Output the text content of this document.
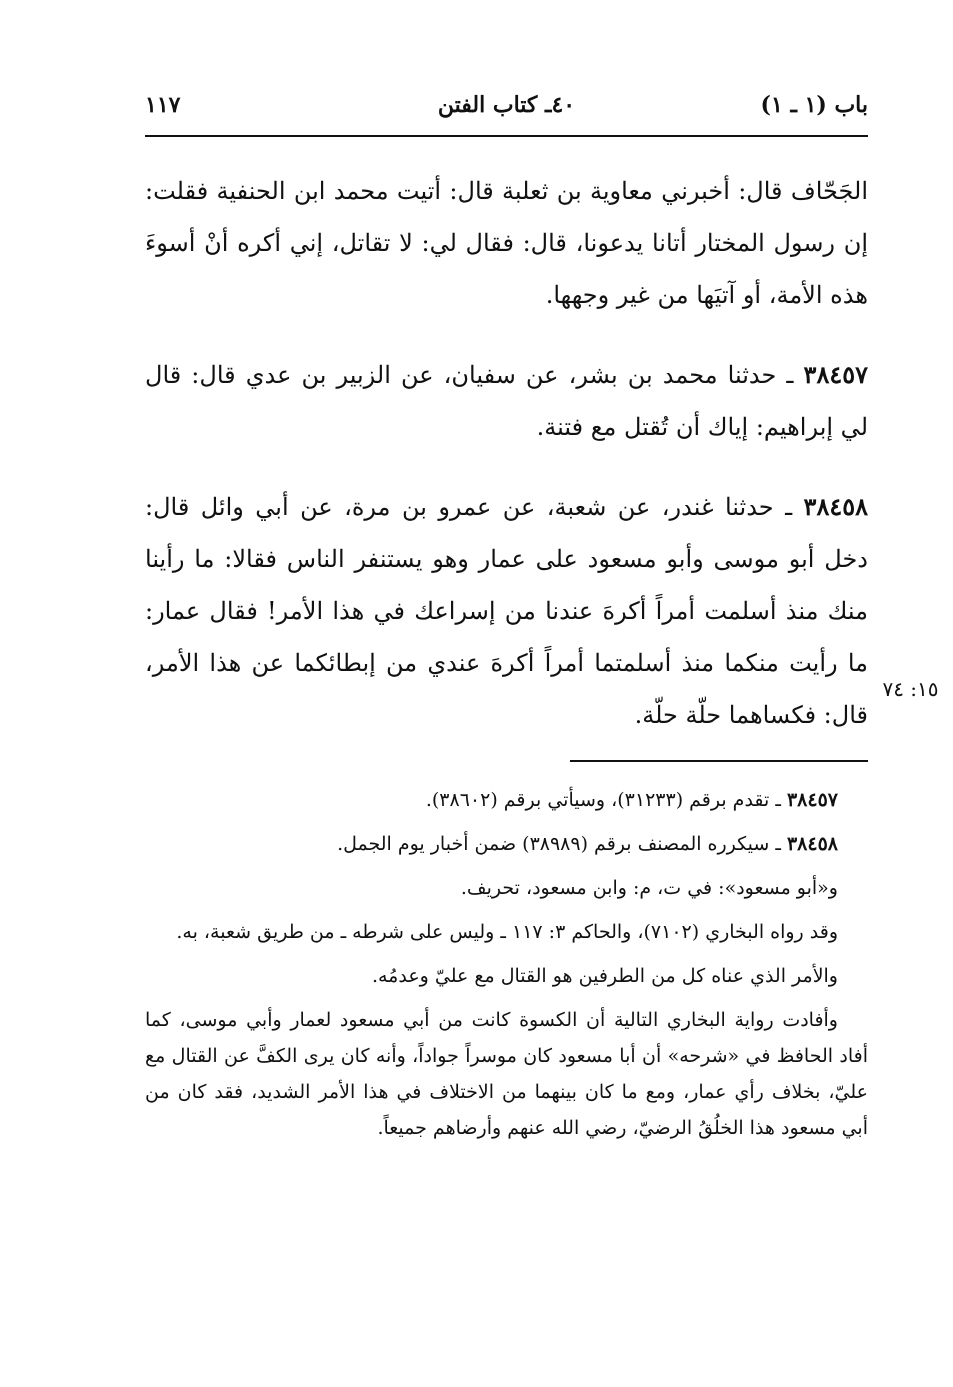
باب (١ ـ ١)
٤٠ـ كتاب الفتن
١١٧

الجَحّاف قال: أخبرني معاوية بن ثعلبة قال: أتيت محمد ابن الحنفية فقلت: إن رسول المختار أتانا يدعونا، قال: فقال لي: لا تقاتل، إني أكره أنْ أسوءَ هذه الأمة، أو آتيَها من غير وجهها.

٣٨٤٥٧ ـ حدثنا محمد بن بشر، عن سفيان، عن الزبير بن عدي قال: قال لي إبراهيم: إياك أن تُقتل مع فتنة.

٣٨٤٥٨ ـ حدثنا غندر، عن شعبة، عن عمرو بن مرة، عن أبي وائل قال: دخل أبو موسى وأبو مسعود على عمار وهو يستنفر الناس فقالا: ما رأينا منك منذ أسلمت أمراً أكرهَ عندنا من إسراعك في هذا الأمر! فقال عمار: ما رأيت منكما منذ أسلمتما أمراً أكرهَ عندي من إبطائكما عن هذا الأمر، قال: فكساهما حلّة حلّة.

١٥: ٧٤

٣٨٤٥٧ ـ تقدم برقم (٣١٢٣٣)، وسيأتي برقم (٣٨٦٠٢).

٣٨٤٥٨ ـ سيكرره المصنف برقم (٣٨٩٨٩) ضمن أخبار يوم الجمل.

و«أبو مسعود»: في ت، م: وابن مسعود، تحريف.

وقد رواه البخاري (٧١٠٢)، والحاكم ٣: ١١٧ ـ وليس على شرطه ـ من طريق شعبة، به.

والأمر الذي عناه كل من الطرفين هو القتال مع عليّ وعدمُه.

وأفادت رواية البخاري التالية أن الكسوة كانت من أبي مسعود لعمار وأبي موسى، كما أفاد الحافظ في «شرحه» أن أبا مسعود كان موسراً جواداً، وأنه كان يرى الكفَّ عن القتال مع عليّ، بخلاف رأي عمار، ومع ما كان بينهما من الاختلاف في هذا الأمر الشديد، فقد كان من أبي مسعود هذا الخلُقُ الرضيّ، رضي الله عنهم وأرضاهم جميعاً.
